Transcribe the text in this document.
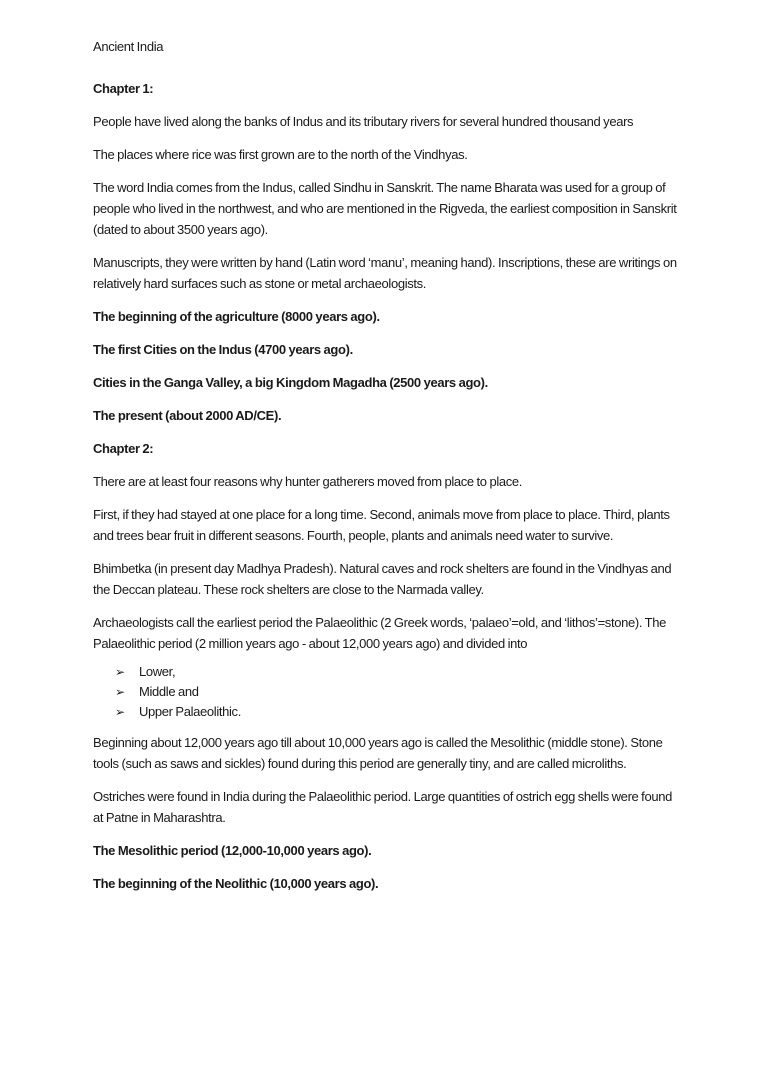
Ancient India
Chapter 1:
People have lived along the banks of Indus and its tributary rivers for several hundred thousand years
The places where rice was first grown are to the north of the Vindhyas.
The word India comes from the Indus, called Sindhu in Sanskrit. The name Bharata was used for a group of people who lived in the northwest, and who are mentioned in the Rigveda, the earliest composition in Sanskrit (dated to about 3500 years ago).
Manuscripts, they were written by hand (Latin word ‘manu’, meaning hand). Inscriptions, these are writings on relatively hard surfaces such as stone or metal archaeologists.
The beginning of the agriculture (8000 years ago).
The first Cities on the Indus (4700 years ago).
Cities in the Ganga Valley, a big Kingdom Magadha (2500 years ago).
The present (about 2000 AD/CE).
Chapter 2:
There are at least four reasons why hunter gatherers moved from place to place.
First, if they had stayed at one place for a long time. Second, animals move from place to place. Third, plants and trees bear fruit in different seasons. Fourth, people, plants and animals need water to survive.
Bhimbetka (in present day Madhya Pradesh). Natural caves and rock shelters are found in the Vindhyas and the Deccan plateau. These rock shelters are close to the Narmada valley.
Archaeologists call the earliest period the Palaeolithic (2 Greek words, ‘palaeo’=old, and ‘lithos’=stone). The Palaeolithic period (2 million years ago - about 12,000 years ago) and divided into
➢ Lower,
➢ Middle and
➢ Upper Palaeolithic.
Beginning about 12,000 years ago till about 10,000 years ago is called the Mesolithic (middle stone). Stone tools (such as saws and sickles) found during this period are generally tiny, and are called microliths.
Ostriches were found in India during the Palaeolithic period. Large quantities of ostrich egg shells were found at Patne in Maharashtra.
The Mesolithic period (12,000-10,000 years ago).
The beginning of the Neolithic (10,000 years ago).
